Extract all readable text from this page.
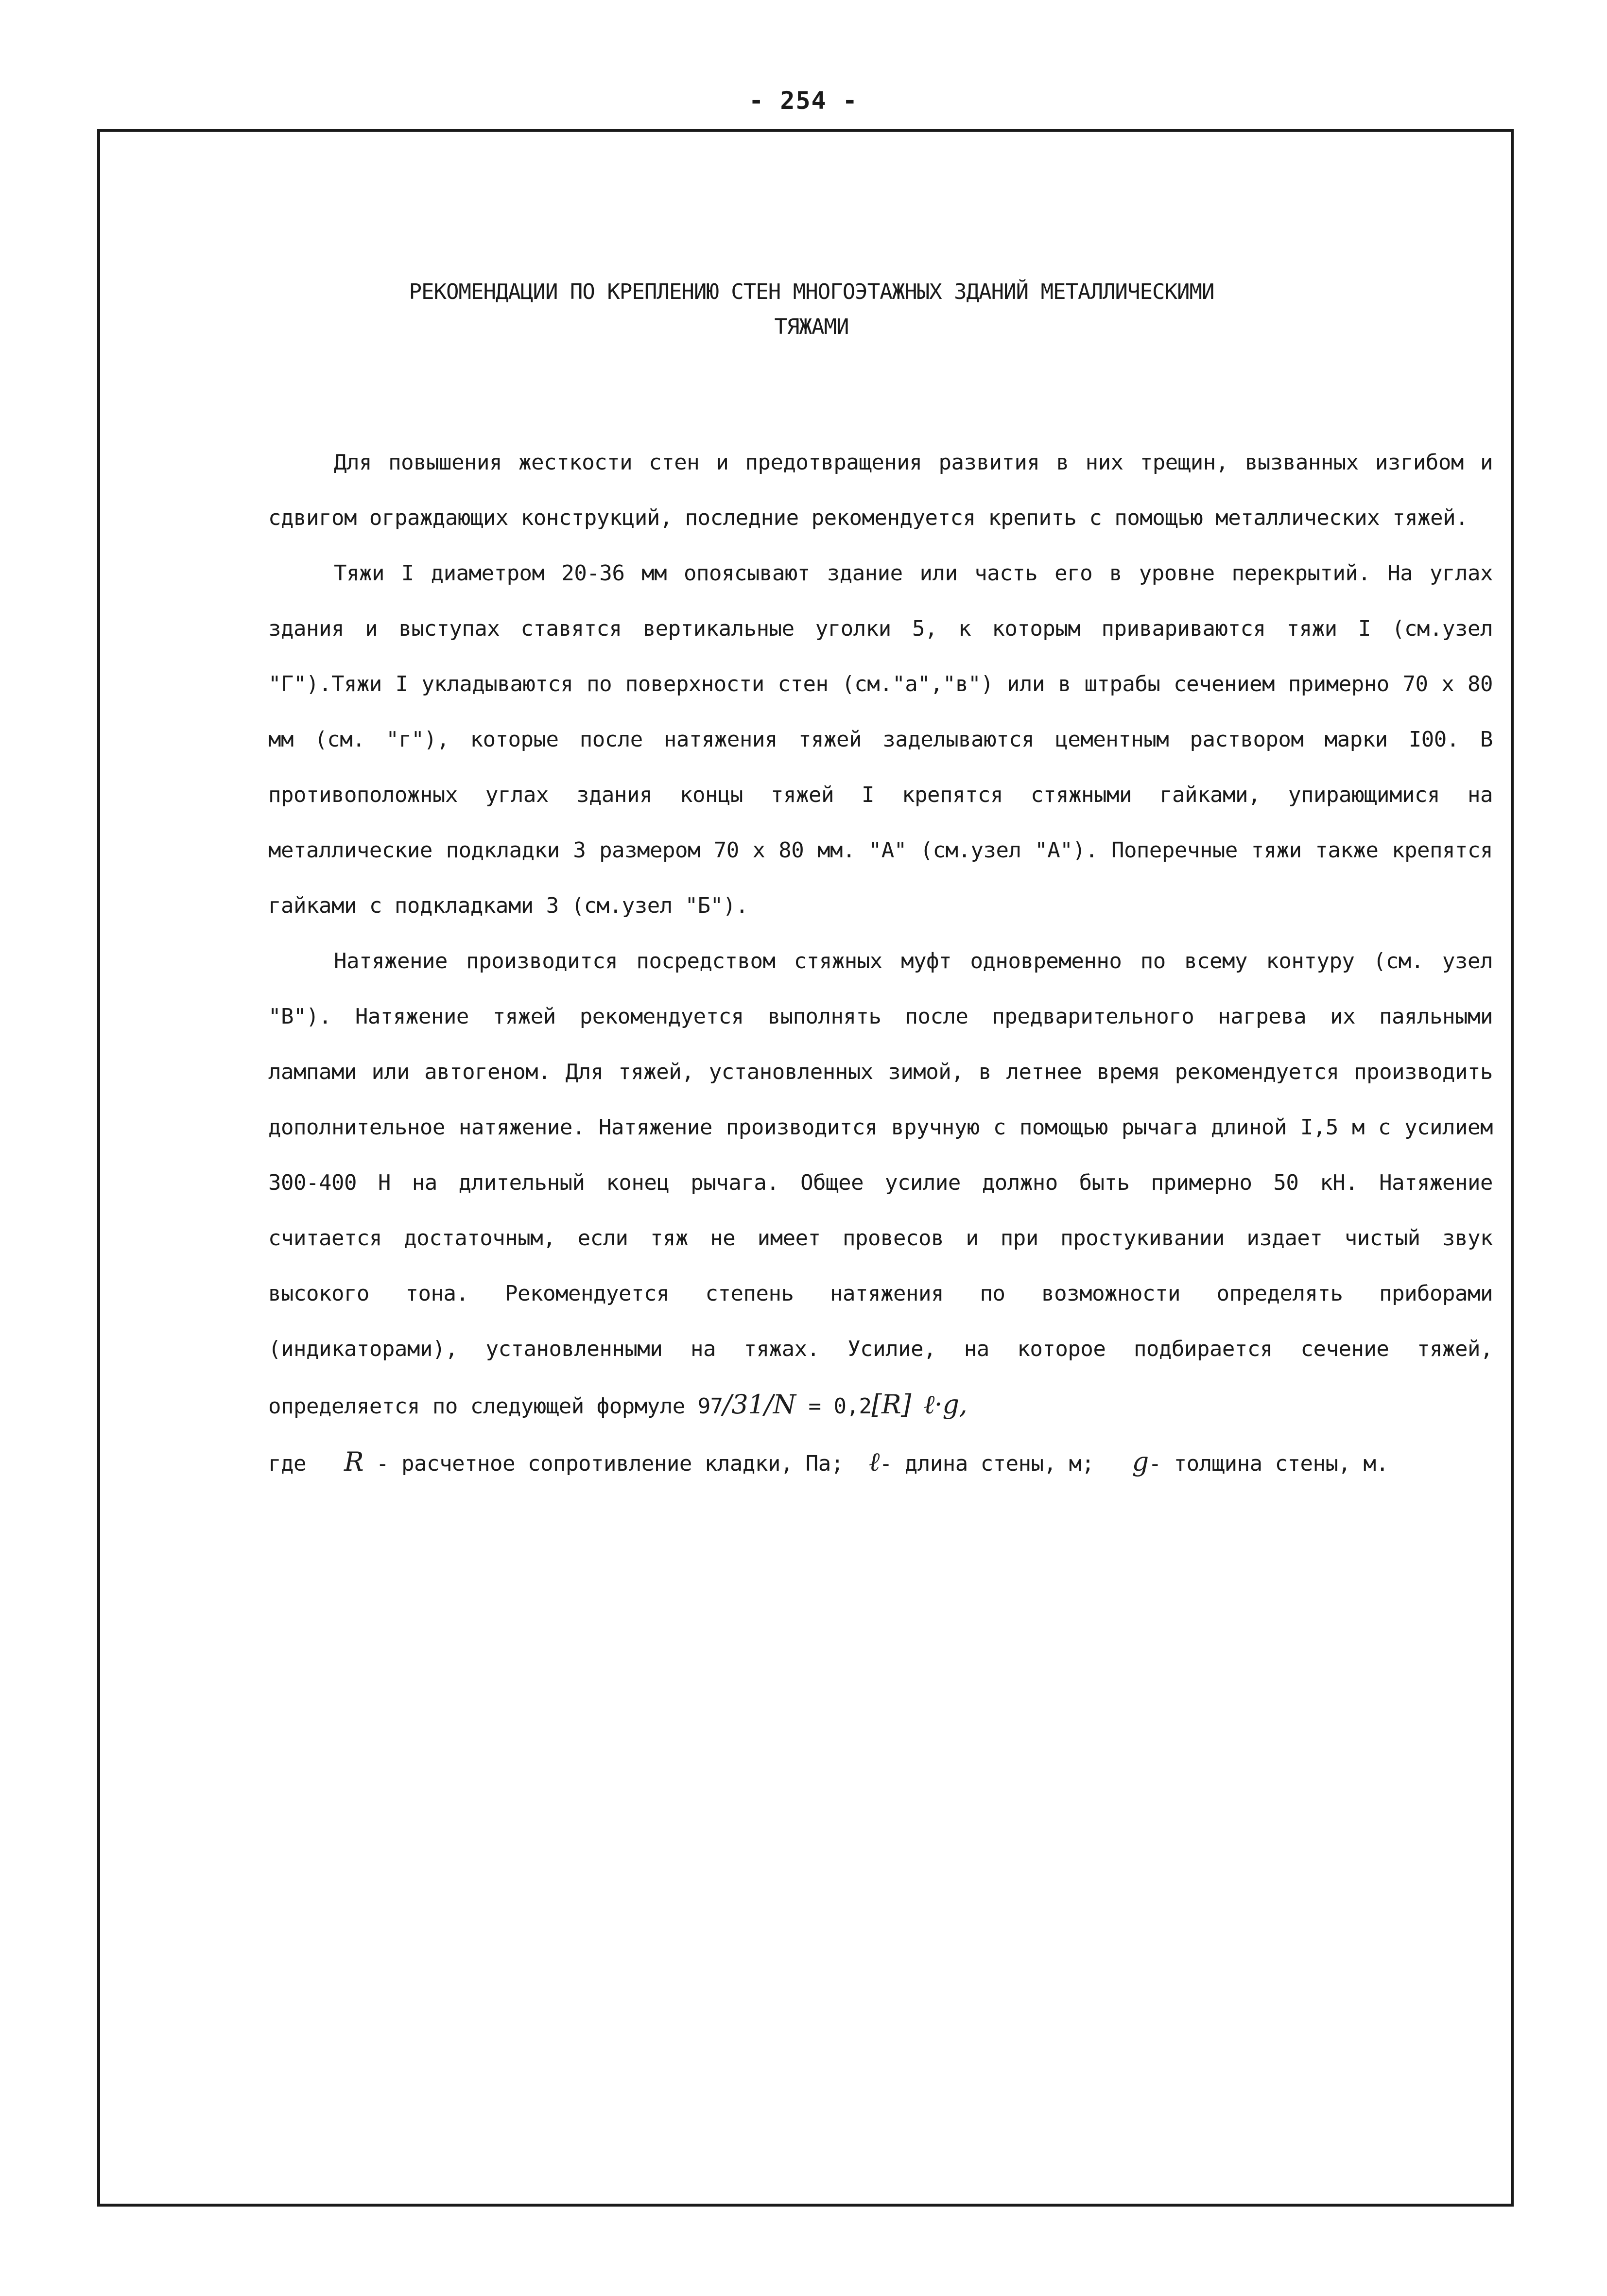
- 254 -
РЕКОМЕНДАЦИИ ПО КРЕПЛЕНИЮ СТЕН МНОГОЭТАЖНЫХ ЗДАНИЙ МЕТАЛЛИЧЕСКИМИ
ТЯЖАМИ

Для повышения жесткости стен и предотвращения развития в них трещин, вызванных изгибом и сдвигом ограждающих конструкций, последние рекомендуется крепить с помощью металлических тяжей.

Тяжи I диаметром 20-36 мм опоясывают здание или часть его в уровне перекрытий. На углах здания и выступах ставятся вертикальные уголки 5, к которым привариваются тяжи I (см.узел "Г").Тяжи I укладываются по поверхности стен (см."а","в") или в штрабы сечением примерно 70 х 80 мм (см. "г"), которые после натяжения тяжей заделываются цементным раствором марки I00. В противоположных углах здания концы тяжей I крепятся стяжными гайками, упирающимися на металлические подкладки 3 размером 70 х 80 мм. "А" (см.узел "А"). Поперечные тяжи также крепятся гайками с подкладками 3 (см.узел "Б").

Натяжение производится посредством стяжных муфт одновременно по всему контуру (см. узел "В"). Натяжение тяжей рекомендуется выполнять после предварительного нагрева их паяльными лампами или автогеном. Для тяжей, установленных зимой, в летнее время рекомендуется производить дополнительное натяжение. Натяжение производится вручную с помощью рычага длиной I,5 м с усилием 300-400 Н на длительный конец рычага. Общее усилие должно быть примерно 50 кН. Натяжение считается достаточным, если тяж не имеет провесов и при простукивании издает чистый звук высокого тона. Рекомендуется степень натяжения по возможности определять приборами (индикаторами), установленными на тяжах. Усилие, на которое подбирается сечение тяжей, определяется по следующей формуле 97/31/N = 0,2[R] ℓ·g,

где R - расчетное сопротивление кладки, Па; ℓ- длина стены, м; g- толщина стены, м.
